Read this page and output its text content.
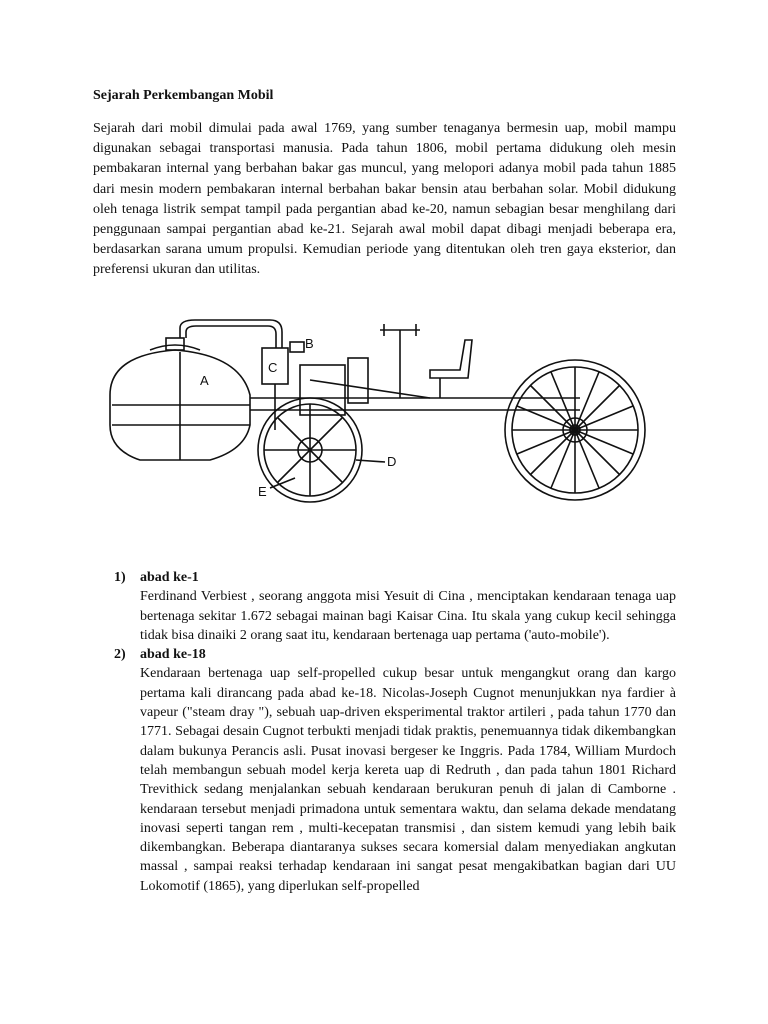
Sejarah Perkembangan Mobil

Sejarah dari mobil dimulai pada awal 1769, yang sumber tenaganya bermesin uap, mobil mampu digunakan sebagai transportasi manusia. Pada tahun 1806, mobil pertama didukung oleh mesin pembakaran internal yang berbahan bakar gas muncul, yang melopori adanya mobil pada tahun 1885 dari mesin modern pembakaran internal berbahan bakar bensin atau berbahan solar. Mobil didukung oleh tenaga listrik sempat tampil pada pergantian abad ke-20, namun sebagian besar menghilang dari penggunaan sampai pergantian abad ke-21. Sejarah awal mobil dapat dibagi menjadi beberapa era, berdasarkan sarana umum propulsi. Kemudian periode yang ditentukan oleh tren gaya eksterior, dan preferensi ukuran dan utilitas.

A
B
C
D
E
1) abad ke-1

Ferdinand Verbiest , seorang anggota misi Yesuit di Cina , menciptakan kendaraan tenaga uap bertenaga sekitar 1.672 sebagai mainan bagi Kaisar Cina. Itu skala yang cukup kecil sehingga tidak bisa dinaiki 2 orang saat itu, kendaraan bertenaga uap pertama ('auto-mobile').

2) abad ke-18

Kendaraan bertenaga uap self-propelled cukup besar untuk mengangkut orang dan kargo pertama kali dirancang pada abad ke-18. Nicolas-Joseph Cugnot menunjukkan nya fardier à vapeur ("steam dray "), sebuah uap-driven eksperimental traktor artileri , pada tahun 1770 dan 1771. Sebagai desain Cugnot terbukti menjadi tidak praktis, penemuannya tidak dikembangkan dalam bukunya Perancis asli. Pusat inovasi bergeser ke Inggris. Pada 1784, William Murdoch telah membangun sebuah model kerja kereta uap di Redruth , dan pada tahun 1801 Richard Trevithick sedang menjalankan sebuah kendaraan berukuran penuh di jalan di Camborne . kendaraan tersebut menjadi primadona untuk sementara waktu, dan selama dekade mendatang inovasi seperti tangan rem , multi-kecepatan transmisi , dan sistem kemudi yang lebih baik dikembangkan. Beberapa diantaranya sukses secara komersial dalam menyediakan angkutan massal , sampai reaksi terhadap kendaraan ini sangat pesat mengakibatkan bagian dari UU Lokomotif (1865), yang diperlukan self-propelled
